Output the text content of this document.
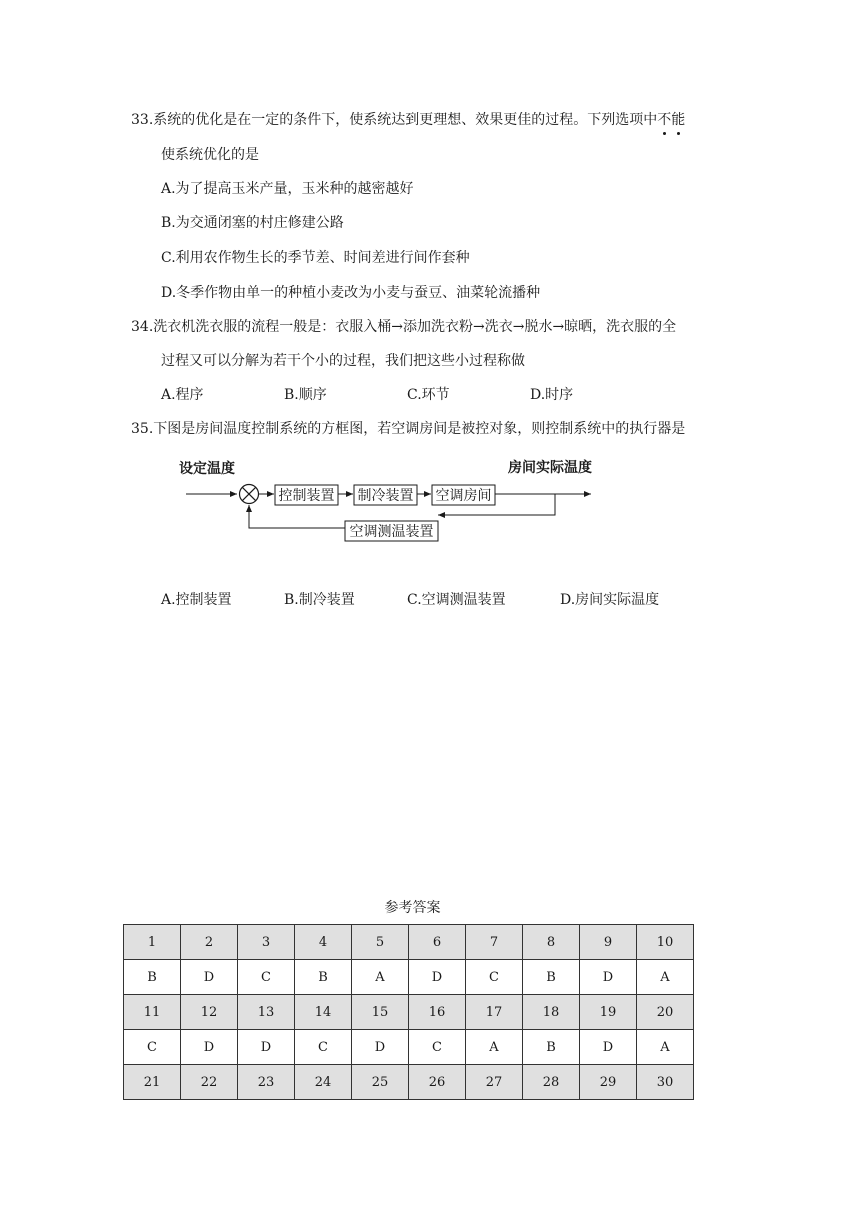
33.系统的优化是在一定的条件下，使系统达到更理想、效果更佳的过程。下列选项中不
能
使系统优化的是
A.为了提高玉米产量，玉米种的越密越好
B.为交通闭塞的村庄修建公路
C.利用农作物生长的季节差、时间差进行间作套种
D.冬季作物由单一的种植小麦改为小麦与蚕豆、油菜轮流播种
34.洗衣机洗衣服的流程一般是：衣服入桶→添加洗衣粉→洗衣→脱水→晾晒，洗衣服的全
过程又可以分解为若干个小的过程，我们把这些小过程称做
A.程序	B.顺序	C.环节	D.时序
35.下图是房间温度控制系统的方框图，若空调房间是被控对象，则控制系统中的执行器是
设定温度	房间实际温度
控制装置 制冷装置 空调房间
空调测温装置
A.控制装置	B.制冷装置	C.空调测温装置	D.房间实际温度
参考答案
1	2	3	4	5	6	7	8	9	10
B	D	C	B	A	D	C	B	D	A
11	12	13	14	15	16	17	18	19	20
C	D	D	C	D	C	A	B	D	A
21	22	23	24	25	26	27	28	29	30
